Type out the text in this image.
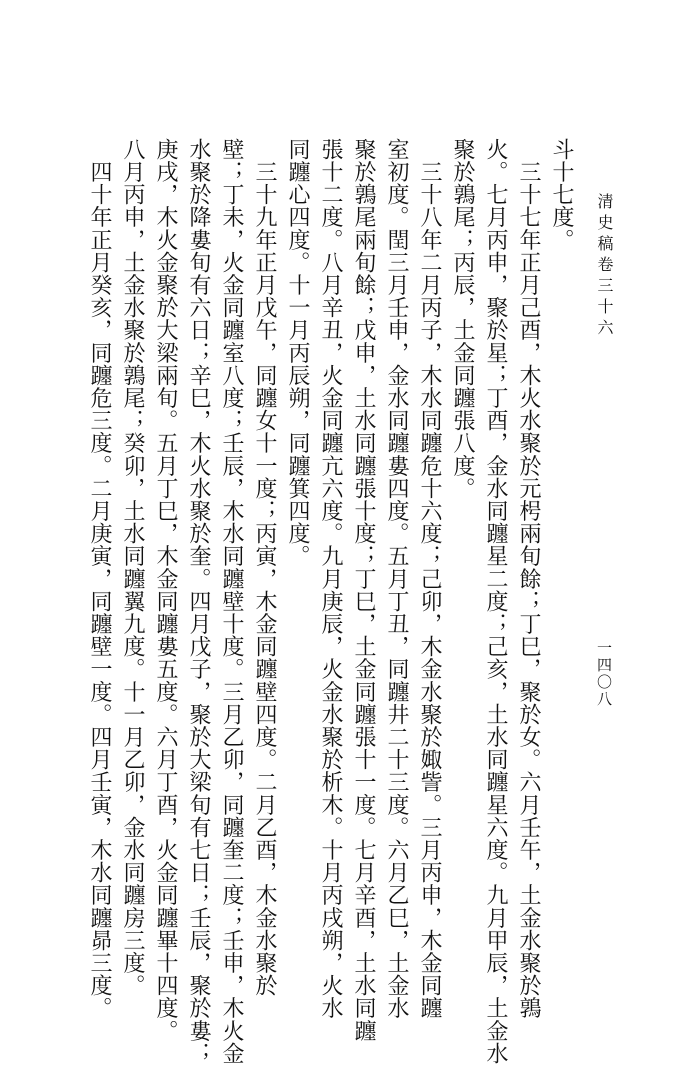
清史稿卷三十六
一四〇八
斗十七度。
　三十七年正月己酉，木火水聚於元枵兩旬餘；丁巳，聚於女。六月壬午，土金水聚於鶉
火。七月丙申，聚於星；丁酉，金水同躔星二度；己亥，土水同躔星六度。九月甲辰，土金水
聚於鶉尾；丙辰，土金同躔張八度。
　三十八年二月丙子，木水同躔危十六度；己卯，木金水聚於娵訾。三月丙申，木金同躔
室初度。閏三月壬申，金水同躔婁四度。五月丁丑，同躔井二十三度。六月乙巳，土金水
聚於鶉尾兩旬餘；戊申，土水同躔張十度；丁巳，土金同躔張十一度。七月辛酉，土水同躔
張十二度。八月辛丑，火金同躔亢六度。九月庚辰，火金水聚於析木。十月丙戌朔，火水
同躔心四度。十一月丙辰朔，同躔箕四度。
　三十九年正月戊午，同躔女十一度；丙寅，木金同躔壁四度。二月乙酉，木金水聚於
壁；丁未，火金同躔室八度；壬辰，木水同躔壁十度。三月乙卯，同躔奎二度；壬申，木火金
水聚於降婁旬有六日；辛巳，木火水聚於奎。四月戊子，聚於大梁旬有七日；壬辰，聚於婁；
庚戌，木火金聚於大梁兩旬。五月丁巳，木金同躔婁五度。六月丁酉，火金同躔畢十四度。
八月丙申，土金水聚於鶉尾；癸卯，土水同躔翼九度。十一月乙卯，金水同躔房三度。
　四十年正月癸亥，同躔危三度。二月庚寅，同躔壁一度。四月壬寅，木水同躔昴三度。
